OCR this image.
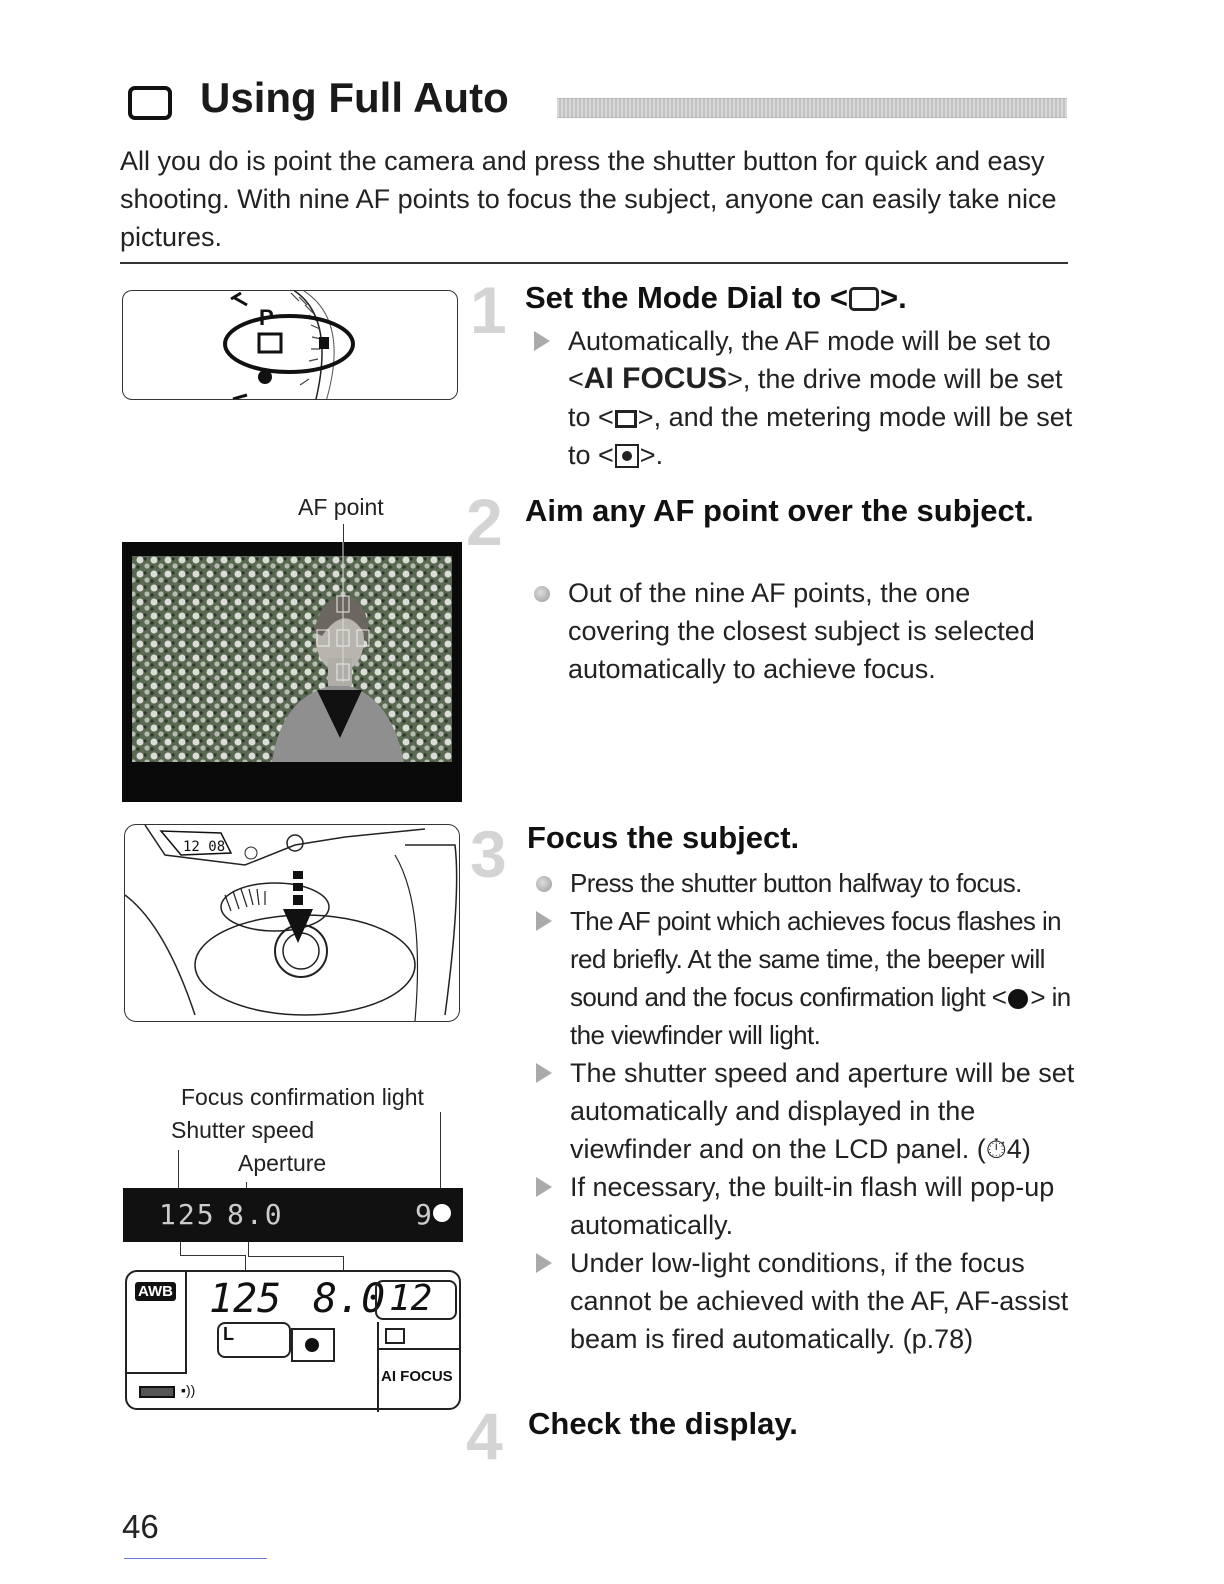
Using Full Auto
All you do is point the camera and press the shutter button for quick and easy shooting. With nine AF points to focus the subject, anyone can easily take nice pictures.
P	1 Set the Mode Dial to < >.
Automatically, the AF mode will be set to <AI FOCUS>, the drive mode will be set to < >, and the metering mode will be set to < >.
AF point 2 Aim any AF point over the subject.
Out of the nine AF points, the one covering the closest subject is selected automatically to achieve focus.
12 08	3 Focus the subject.
Press the shutter button halfway to focus.
The AF point which achieves focus flashes in red briefly. At the same time, the beeper will sound and the focus confirmation light < > in the viewfinder will light.
The shutter speed and aperture will be set automatically and displayed in the viewfinder and on the LCD panel. (⏱4)
If necessary, the built-in flash will pop-up automatically.
Under low-light conditions, if the focus cannot be achieved with the AF, AF-assist beam is fired automatically. (p.78)
Focus confirmation light
Shutter speed
Aperture
125 8.0	9
AWB 125 8.0 12
L
AI FOCUS
▪))
4 Check the display.
46
